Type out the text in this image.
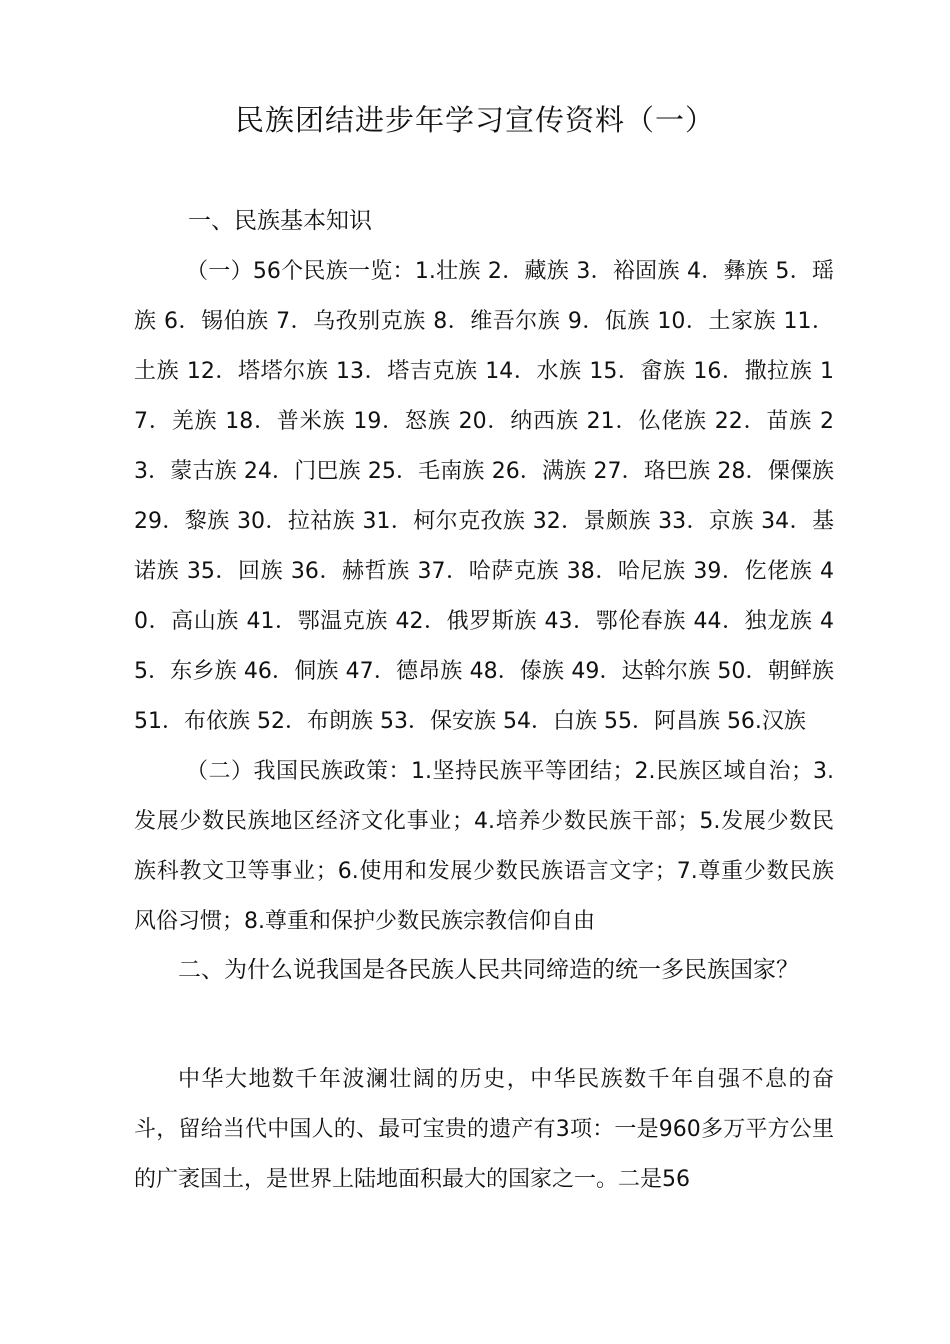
民族团结进步年学习宣传资料（一）
一、民族基本知识
（一）56个民族一览：1.壮族 2．藏族 3．裕固族 4．彝族 5．瑶族 6．锡伯族 7．乌孜别克族 8．维吾尔族 9．佤族 10．土家族 11．土族 12．塔塔尔族 13．塔吉克族 14．水族 15．畲族 16．撒拉族 17．羌族 18．普米族 19．怒族 20．纳西族 21．仫佬族 22．苗族 23．蒙古族 24．门巴族 25．毛南族 26．满族 27．珞巴族 28．傈僳族 29．黎族 30．拉祜族 31．柯尔克孜族 32．景颇族 33．京族 34．基诺族 35．回族 36．赫哲族 37．哈萨克族 38．哈尼族 39．仡佬族 40．高山族 41．鄂温克族 42．俄罗斯族 43．鄂伦春族 44．独龙族 45．东乡族 46．侗族 47．德昂族 48．傣族 49．达斡尔族 50．朝鲜族 51．布依族 52．布朗族 53．保安族 54．白族 55．阿昌族 56.汉族
（二）我国民族政策：1.坚持民族平等团结；2.民族区域自治；3.发展少数民族地区经济文化事业；4.培养少数民族干部；5.发展少数民族科教文卫等事业；6.使用和发展少数民族语言文字；7.尊重少数民族风俗习惯；8.尊重和保护少数民族宗教信仰自由
二、为什么说我国是各民族人民共同缔造的统一多民族国家？
中华大地数千年波澜壮阔的历史，中华民族数千年自强不息的奋斗，留给当代中国人的、最可宝贵的遗产有3项：一是960多万平方公里的广袤国土，是世界上陆地面积最大的国家之一。二是56
